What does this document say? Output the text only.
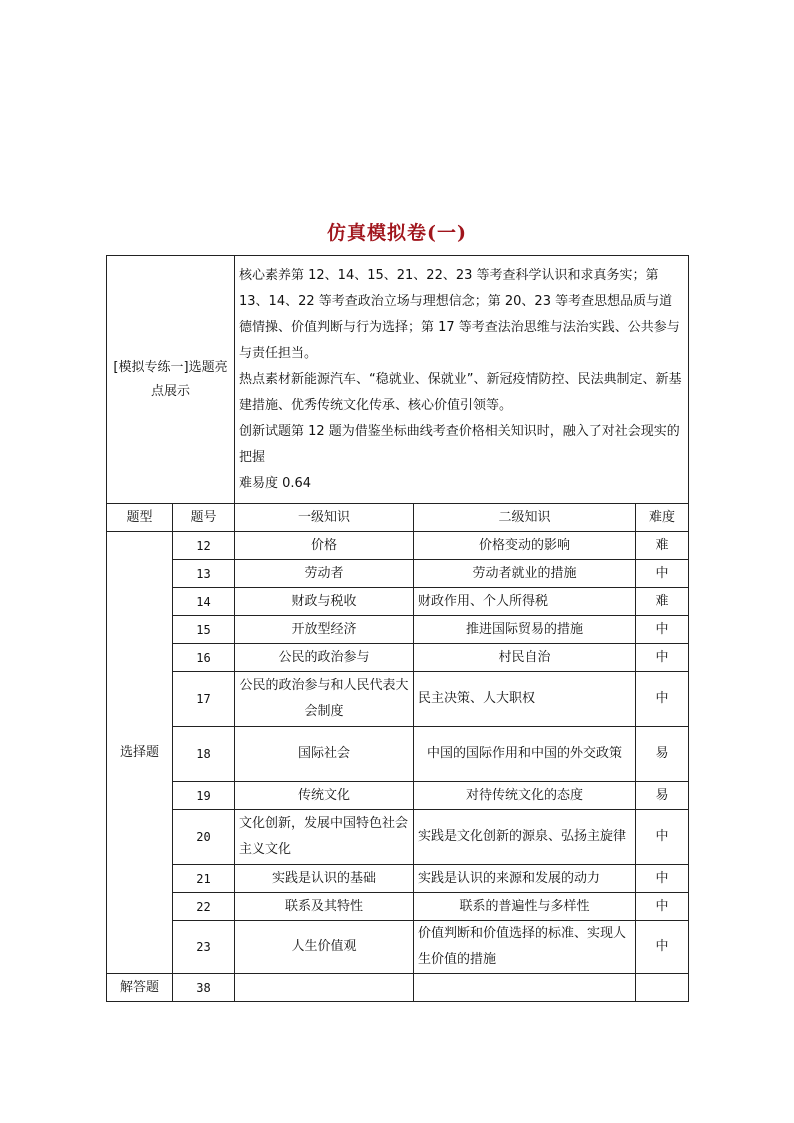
仿真模拟卷(一)
[模拟专练一]选题亮点展示		核心素养第 12、14、15、21、22、23 等考查科学认识和求真务实；第 13、14、22 等考查政治立场与理想信念；第 20、23 等考查思想品质与道德情操、价值判断与行为选择；第 17 等考查法治思维与法治实践、公共参与与责任担当。

热点素材新能源汽车、“稳就业、保就业”、新冠疫情防控、民法典制定、新基建措施、优秀传统文化传承、核心价值引领等。

创新试题第 12 题为借鉴坐标曲线考查价格相关知识时，融入了对社会现实的把握

难易度 0.64		

题型	题号	一级知识	二级知识	难度
选择题	12	价格	价格变动的影响	难
	13	劳动者	劳动者就业的措施	中
	14	财政与税收	财政作用、个人所得税	难
	15	开放型经济	推进国际贸易的措施	中
	16	公民的政治参与	村民自治	中
	17	公民的政治参与和人民代表大会制度	民主决策、人大职权	中
	18	国际社会	中国的国际作用和中国的外交政策	易
	19	传统文化	对待传统文化的态度	易
	20	文化创新，发展中国特色社会主义文化	实践是文化创新的源泉、弘扬主旋律	中
	21	实践是认识的基础	实践是认识的来源和发展的动力	中
	22	联系及其特性	联系的普遍性与多样性	中
	23	人生价值观	价值判断和价值选择的标准、实现人生价值的措施	中
解答题	38			
